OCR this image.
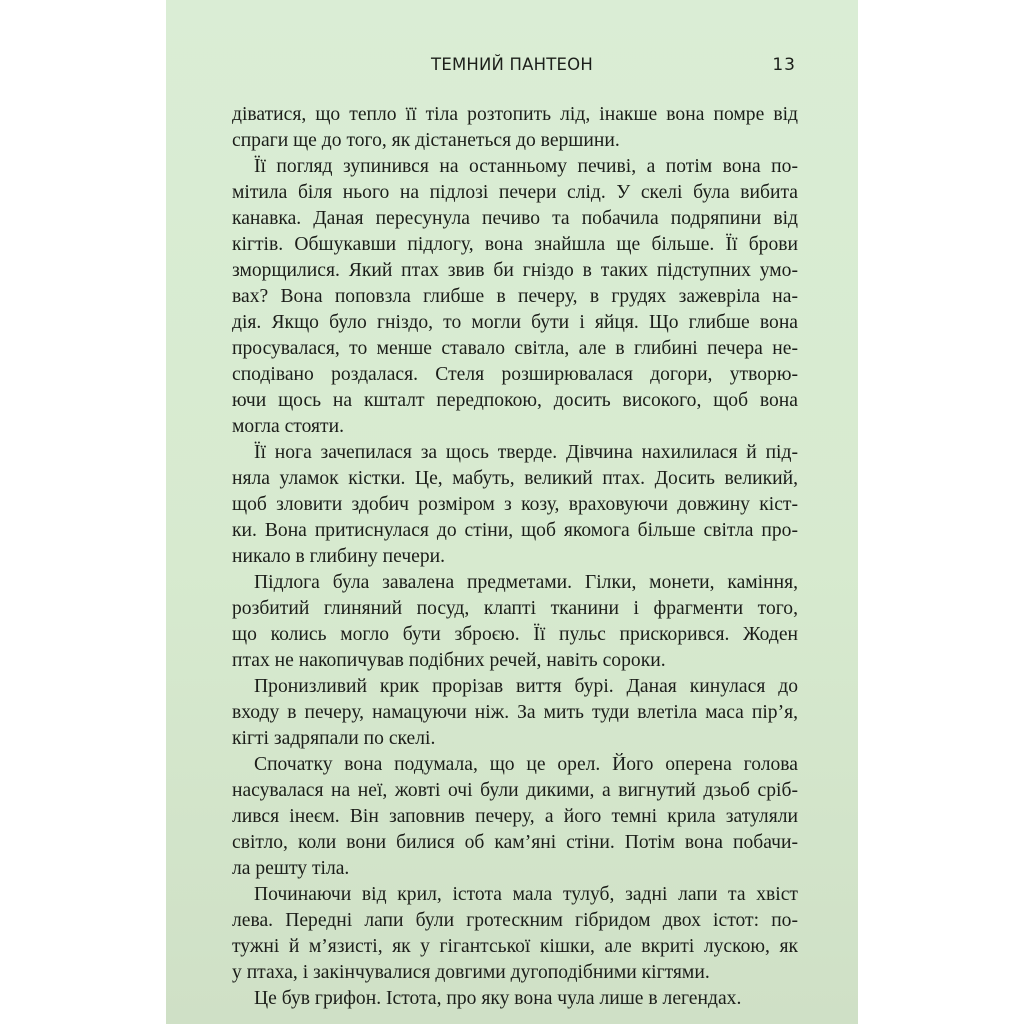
ТЕМНИЙ ПАНТЕОН	13
діватися, що тепло її тіла розтопить лід, інакше вона помре від
спраги ще до того, як дістанеться до вершини.
Її погляд зупинився на останньому печиві, а потім вона по-
мітила біля нього на підлозі печери слід. У скелі була вибита
канавка. Даная пересунула печиво та побачила подряпини від
кігтів. Обшукавши підлогу, вона знайшла ще більше. Її брови
зморщилися. Який птах звив би гніздо в таких підступних умо-
вах? Вона поповзла глибше в печеру, в грудях зажевріла на-
дія. Якщо було гніздо, то могли бути і яйця. Що глибше вона
просувалася, то менше ставало світла, але в глибині печера не-
сподівано роздалася. Стеля розширювалася догори, утворю-
ючи щось на кшталт передпокою, досить високого, щоб вона
могла стояти.
Її нога зачепилася за щось тверде. Дівчина нахилилася й під-
няла уламок кістки. Це, мабуть, великий птах. Досить великий,
щоб зловити здобич розміром з козу, враховуючи довжину кіст-
ки. Вона притиснулася до стіни, щоб якомога більше світла про-
никало в глибину печери.
Підлога була завалена предметами. Гілки, монети, каміння,
розбитий глиняний посуд, клапті тканини і фрагменти того,
що колись могло бути зброєю. Її пульс прискорився. Жоден
птах не накопичував подібних речей, навіть сороки.
Пронизливий крик прорізав виття бурі. Даная кинулася до
входу в печеру, намацуючи ніж. За мить туди влетіла маса пір’я,
кігті задряпали по скелі.
Спочатку вона подумала, що це орел. Його оперена голова
насувалася на неї, жовті очі були дикими, а вигнутий дзьоб сріб-
лився інеєм. Він заповнив печеру, а його темні крила затуляли
світло, коли вони билися об кам’яні стіни. Потім вона побачи-
ла решту тіла.
Починаючи від крил, істота мала тулуб, задні лапи та хвіст
лева. Передні лапи були гротескним гібридом двох істот: по-
тужні й м’язисті, як у гігантської кішки, але вкриті лускою, як
у птаха, і закінчувалися довгими дугоподібними кігтями.
Це був грифон. Істота, про яку вона чула лише в легендах.
